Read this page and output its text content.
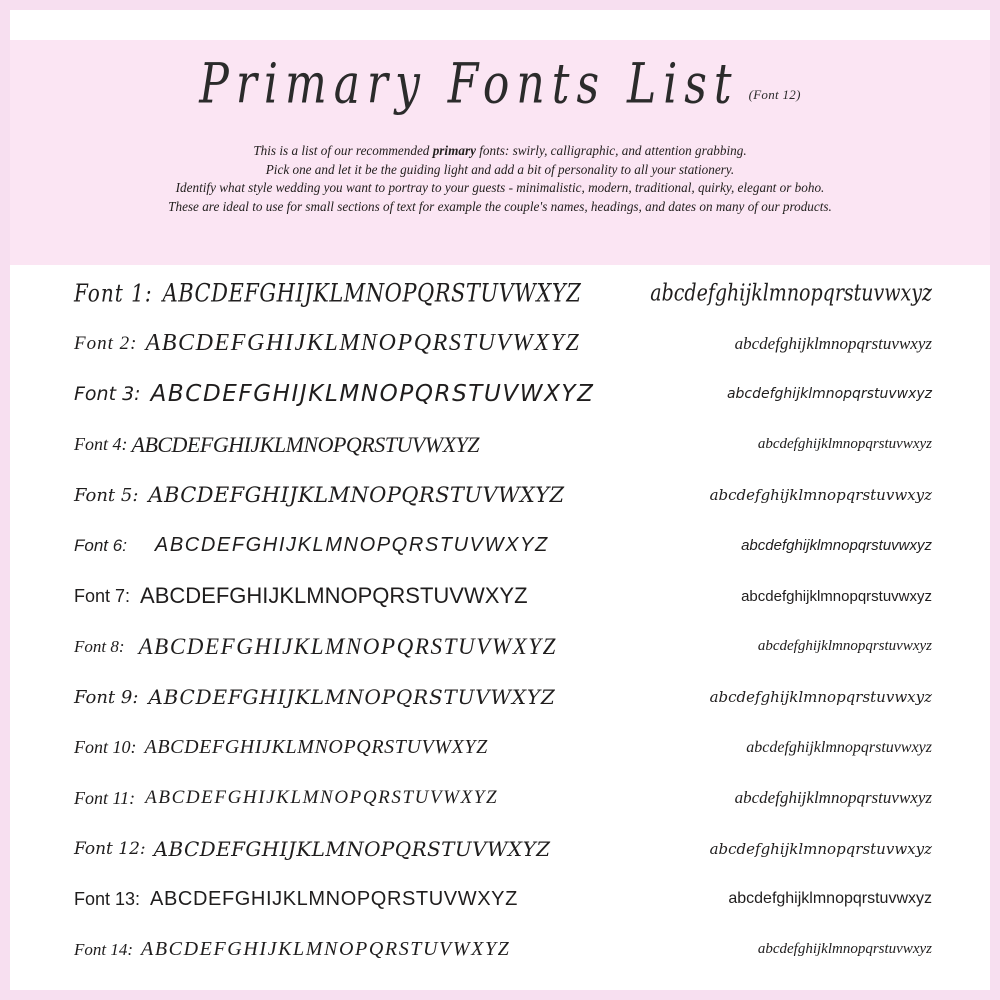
Primary Fonts List (Font 12)
This is a list of our recommended primary fonts: swirly, calligraphic, and attention grabbing.
Pick one and let it be the guiding light and add a bit of personality to all your stationery.
Identify what style wedding you want to portray to your guests - minimalistic, modern, traditional, quirky, elegant or boho.
These are ideal to use for small sections of text for example the couple's names, headings, and dates on many of our products.
Font 1: ABCDEFGHIJKLMNOPQRSTUVWXYZ	abcdefghijklmnopqrstuvwxyz
Font 2: ABCDEFGHIJKLMNOPQRSTUVWXYZ	abcdefghijklmnopqrstuvwxyz
Font 3: ABCDEFGHIJKLMNOPQRSTUVWXYZ	abcdefghijklmnopqrstuvwxyz
Font 4: ABCDEFGHIJKLMNOPQRSTUVWXYZ	abcdefghijklmnopqrstuvwxyz
Font 5: ABCDEFGHIJKLMNOPQRSTUVWXYZ	abcdefghijklmnopqrstuvwxyz
Font 6:	ABCDEFGHIJKLMNOPQRSTUVWXYZ	abcdefghijklmnopqrstuvwxyz
Font 7: ABCDEFGHIJKLMNOPQRSTUVWXYZ	abcdefghijklmnopqrstuvwxyz
Font 8: ABCDEFGHIJKLMNOPQRSTUVWXYZ	abcdefghijklmnopqrstuvwxyz
Font 9: ABCDEFGHIJKLMNOPQRSTUVWXYZ	abcdefghijklmnopqrstuvwxyz
Font 10: ABCDEFGHIJKLMNOPQRSTUVWXYZ	abcdefghijklmnopqrstuvwxyz
Font 11: ABCDEFGHIJKLMNOPQRSTUVWXYZ	abcdefghijklmnopqrstuvwxyz
Font 12: ABCDEFGHIJKLMNOPQRSTUVWXYZ	abcdefghijklmnopqrstuvwxyz
Font 13: ABCDEFGHIJKLMNOPQRSTUVWXYZ	abcdefghijklmnopqrstuvwxyz
Font 14: ABCDEFGHIJKLMNOPQRSTUVWXYZ	abcdefghijklmnopqrstuvwxyz
